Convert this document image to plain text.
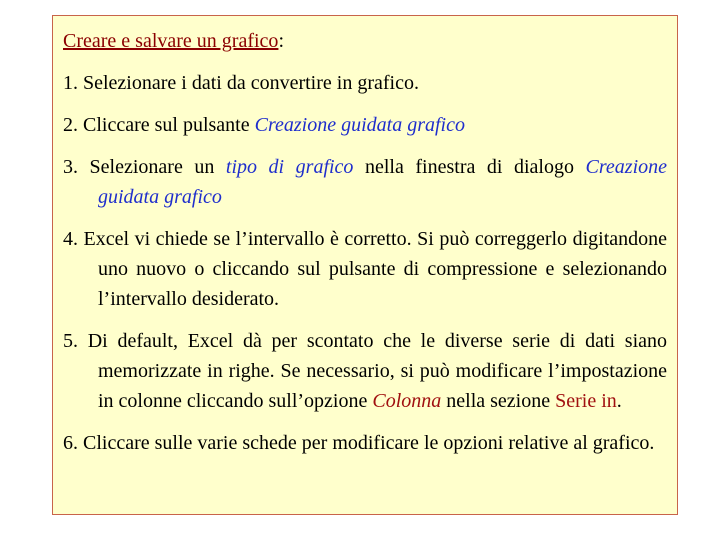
Creare e salvare un grafico:

1. Selezionare i dati da convertire in grafico.

2. Cliccare sul pulsante Creazione guidata grafico

3. Selezionare un tipo di grafico nella finestra di dialogo Creazione guidata grafico

4. Excel vi chiede se l’intervallo è corretto. Si può correggerlo digitandone uno nuovo o cliccando sul pulsante di compressione e selezionando l’intervallo desiderato.

5. Di default, Excel dà per scontato che le diverse serie di dati siano memorizzate in righe. Se necessario, si può modificare l’impostazione in colonne cliccando sull’opzione Colonna nella sezione Serie in.

6. Cliccare sulle varie schede per modificare le opzioni relative al grafico.
